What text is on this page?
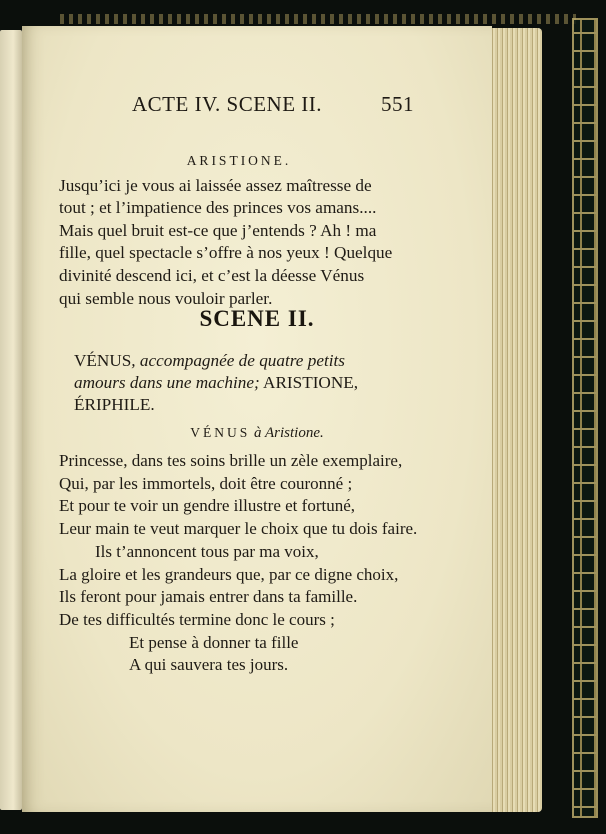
ACTE IV. SCENE II.	551
ARISTIONE.
Jusqu’ici je vous ai laissée assez maîtresse de
tout ; et l’impatience des princes vos amans....
Mais quel bruit est-ce que j’entends ? Ah ! ma
fille, quel spectacle s’offre à nos yeux ! Quelque
divinité descend ici, et c’est la déesse Vénus
qui semble nous vouloir parler.
SCENE II.
VÉNUS, accompagnée de quatre petits
amours dans une machine; ARISTIONE,
ÉRIPHILE.
VÉNUS à Aristione.
Princesse, dans tes soins brille un zèle exemplaire,
Qui, par les immortels, doit être couronné ;
Et pour te voir un gendre illustre et fortuné,
Leur main te veut marquer le choix que tu dois faire.
Ils t’annoncent tous par ma voix,
La gloire et les grandeurs que, par ce digne choix,
Ils feront pour jamais entrer dans ta famille.
De tes difficultés termine donc le cours ;
Et pense à donner ta fille
A qui sauvera tes jours.
